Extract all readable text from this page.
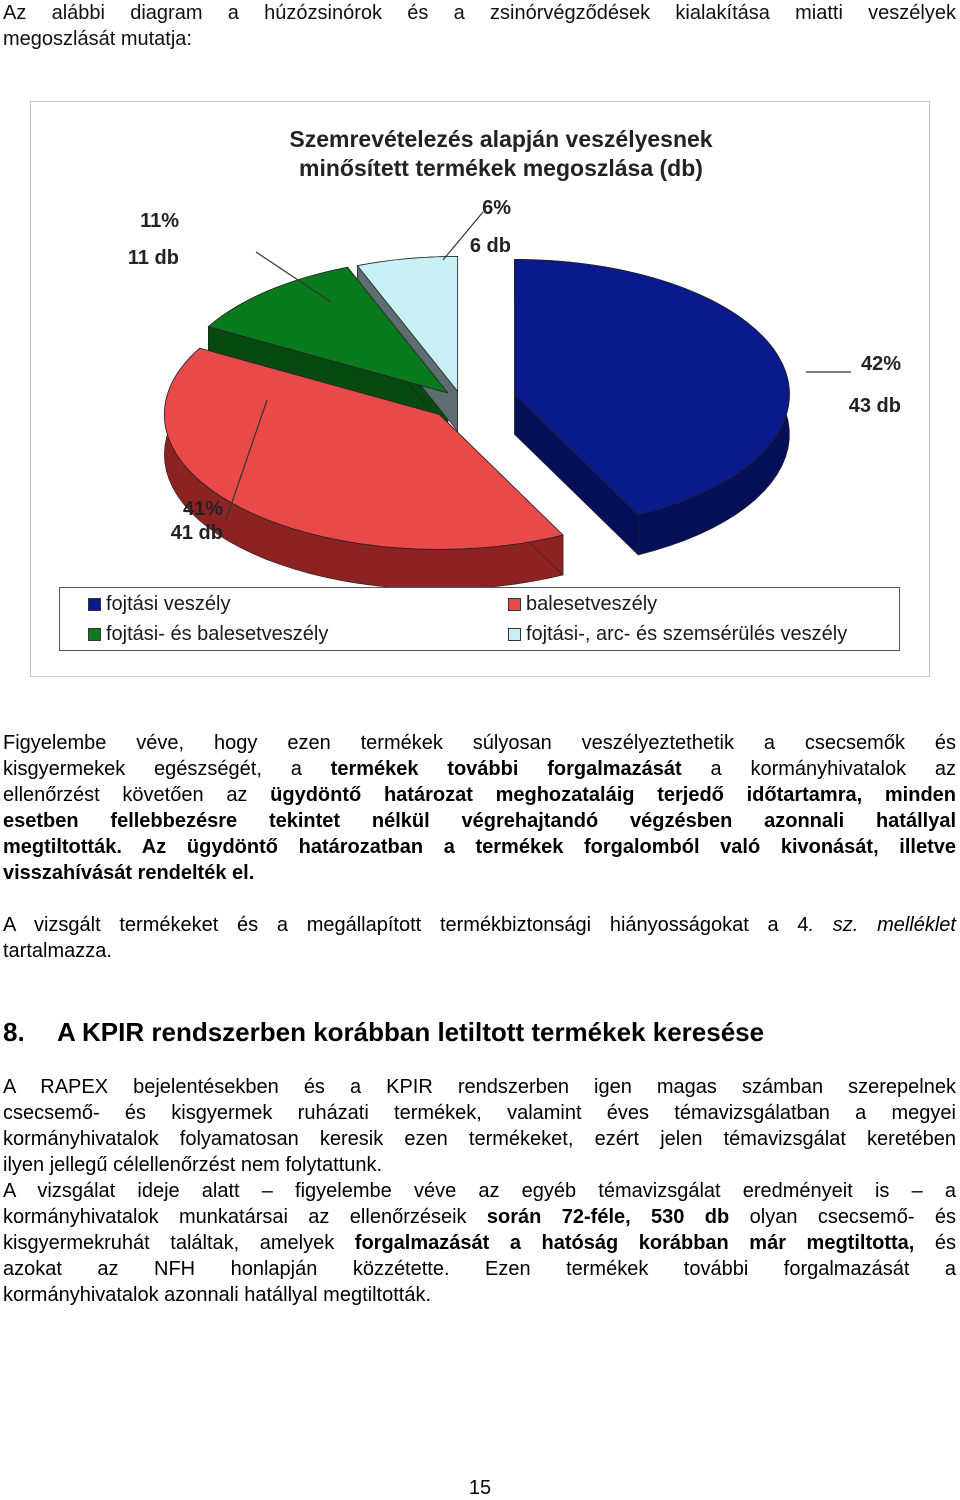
Az alábbi diagram a húzózsinórok és a zsinórvégződések kialakítása miatti veszélyek
megoszlását mutatja:

Szemrevételezés alapján veszélyesnek
minősített termékek megoszlása (db)
42%
43 db
41%
41 db
11%
11 db
6%
6 db
fojtási veszély	balesetveszély
fojtási- és balesetveszély	fojtási-, arc- és szemsérülés veszély

Figyelembe véve, hogy ezen termékek súlyosan veszélyeztethetik a csecsemők és
kisgyermekek egészségét, a termékek további forgalmazását a kormányhivatalok az
ellenőrzést követően az ügydöntő határozat meghozataláig terjedő időtartamra, minden
esetben fellebbezésre tekintet nélkül végrehajtandó végzésben azonnali hatállyal
megtiltották. Az ügydöntő határozatban a termékek forgalomból való kivonását, illetve
visszahívását rendelték el.

A vizsgált termékeket és a megállapított termékbiztonsági hiányosságokat a 4. sz. melléklet
tartalmazza.

8. A KPIR rendszerben korábban letiltott termékek keresése

A RAPEX bejelentésekben és a KPIR rendszerben igen magas számban szerepelnek
csecsemő- és kisgyermek ruházati termékek, valamint éves témavizsgálatban a megyei
kormányhivatalok folyamatosan keresik ezen termékeket, ezért jelen témavizsgálat keretében
ilyen jellegű célellenőrzést nem folytattunk.

A vizsgálat ideje alatt – figyelembe véve az egyéb témavizsgálat eredményeit is – a
kormányhivatalok munkatársai az ellenőrzéseik során 72-féle, 530 db olyan csecsemő- és
kisgyermekruhát találtak, amelyek forgalmazását a hatóság korábban már megtiltotta, és
azokat az NFH honlapján közzétette. Ezen termékek további forgalmazását a
kormányhivatalok azonnali hatállyal megtiltották.

15
